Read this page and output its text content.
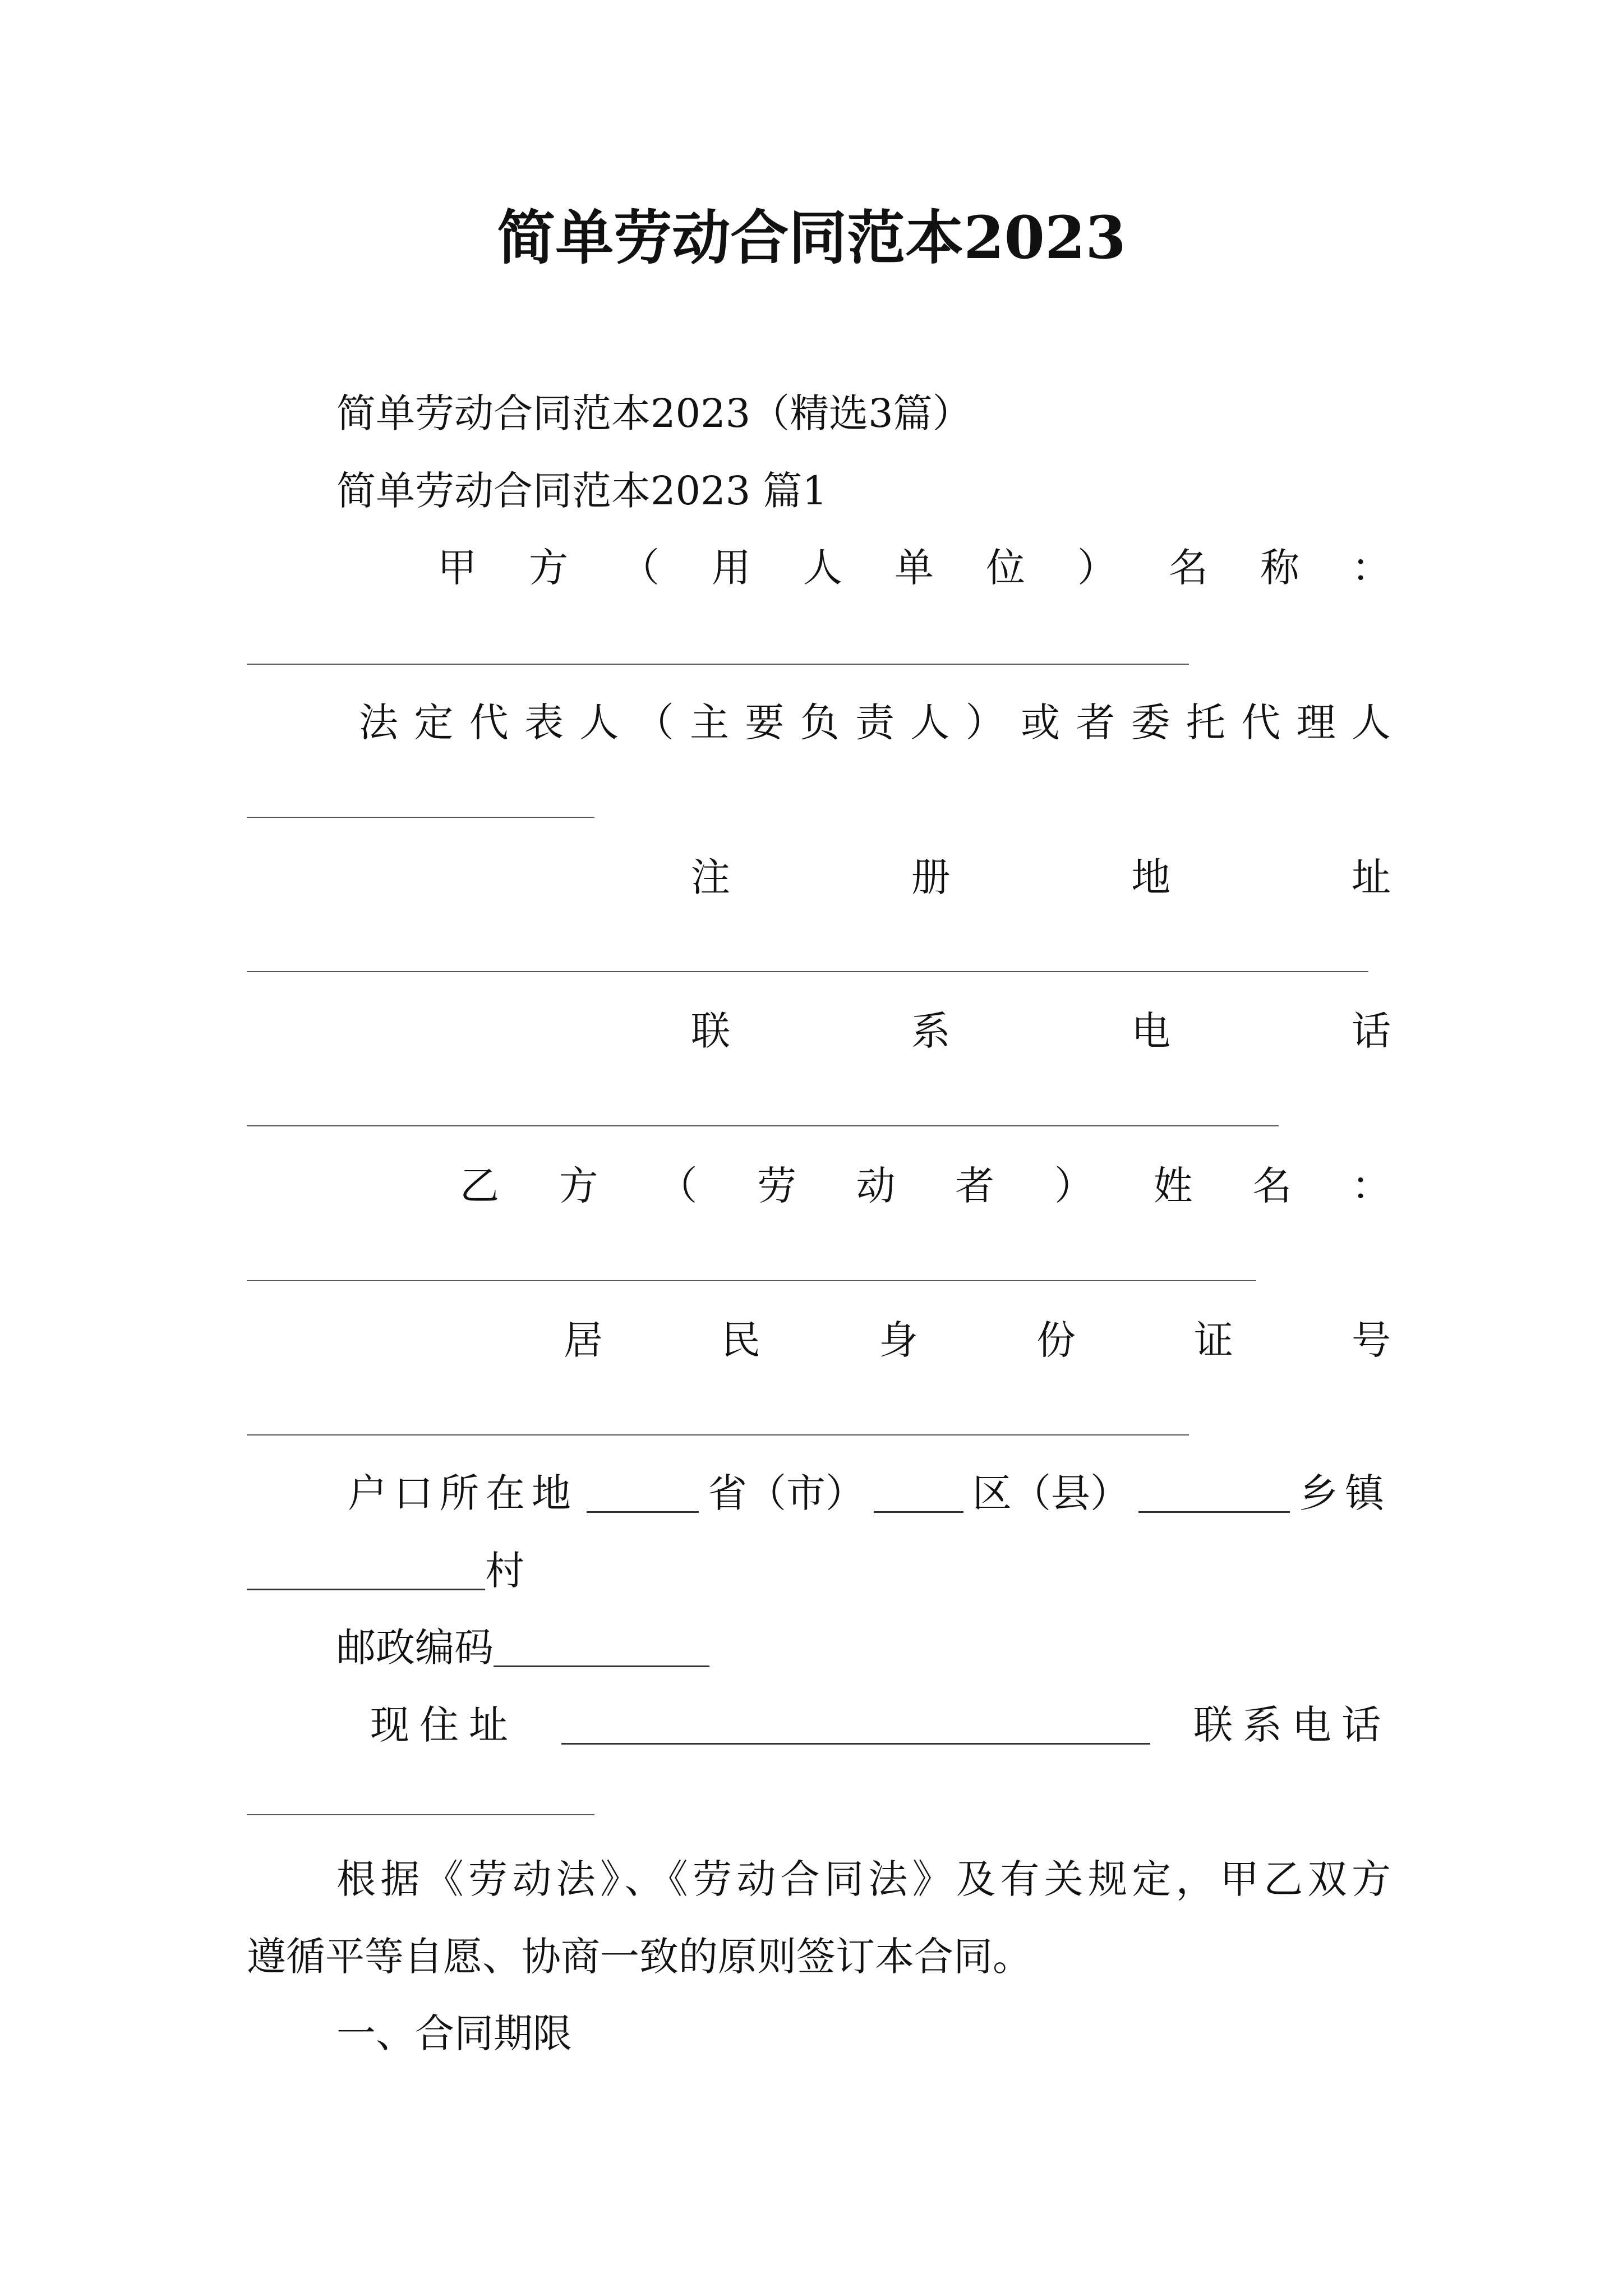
简单劳动合同范本2023
简单劳动合同范本2023（精选3篇）
简单劳动合同范本2023 篇1
甲 方 （ 用 人 单 位 ） 名 称 ：
法 定 代 表 人 （ 主 要 负 责 人 ） 或 者 委 托 代 理 人
注	册	地	址
联	系	电	话
乙 方 （ 劳 动 者 ） 姓 名 ：
居	民	身	份	证	号
户口所在地	省（市）	区（县）	乡镇
村
邮政编码
现住址	联系电话
根据《劳动法》、《劳动合同法》及有关规定，甲乙双方
遵循平等自愿、协商一致的原则签订本合同。
一、合同期限
